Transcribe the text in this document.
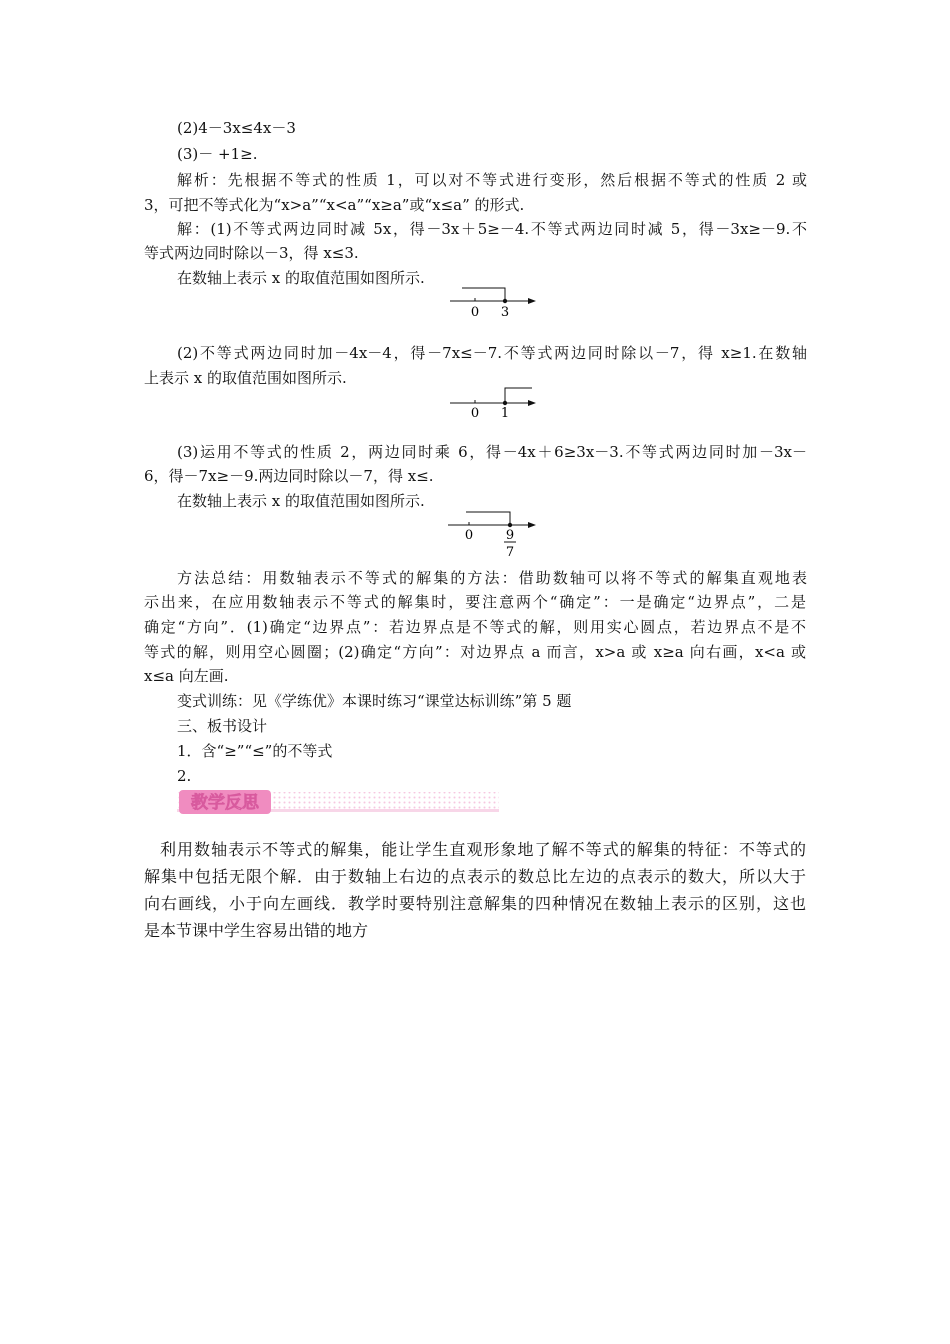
(2)4－3x≤4x－3
(3)－ +1≥.
解析：先根据不等式的性质 1，可以对不等式进行变形，然后根据不等式的性质 2 或
3，可把不等式化为“x>a”“x<a”“x≥a”或“x≤a” 的形式.
解：(1)不等式两边同时减 5x，得－3x＋5≥－4.不等式两边同时减 5，得－3x≥－9.不
等式两边同时除以－3，得 x≤3.
在数轴上表示 x 的取值范围如图所示.
0 3
(2)不等式两边同时加－4x－4，得－7x≤－7.不等式两边同时除以－7，得 x≥1.在数轴
上表示 x 的取值范围如图所示.
0 1
(3)运用不等式的性质 2，两边同时乘 6，得－4x＋6≥3x－3.不等式两边同时加－3x－
6，得－7x≥－9.两边同时除以－7，得 x≤.
在数轴上表示 x 的取值范围如图所示.
0	9
7
方法总结：用数轴表示不等式的解集的方法：借助数轴可以将不等式的解集直观地表
示出来，在应用数轴表示不等式的解集时，要注意两个“确定”：一是确定“边界点”，二是
确定“方向”．(1)确定“边界点”：若边界点是不等式的解，则用实心圆点，若边界点不是不
等式的解，则用空心圆圈；(2)确定“方向”：对边界点 a 而言，x>a 或 x≥a 向右画，x<a 或
x≤a 向左画.
变式训练：见《学练优》本课时练习“课堂达标训练”第 5 题
三、板书设计
1．含“≥”“≤”的不等式
2.
教学反思
利用数轴表示不等式的解集，能让学生直观形象地了解不等式的解集的特征：不等式的
解集中包括无限个解．由于数轴上右边的点表示的数总比左边的点表示的数大，所以大于
向右画线，小于向左画线．教学时要特别注意解集的四种情况在数轴上表示的区别，这也
是本节课中学生容易出错的地方
